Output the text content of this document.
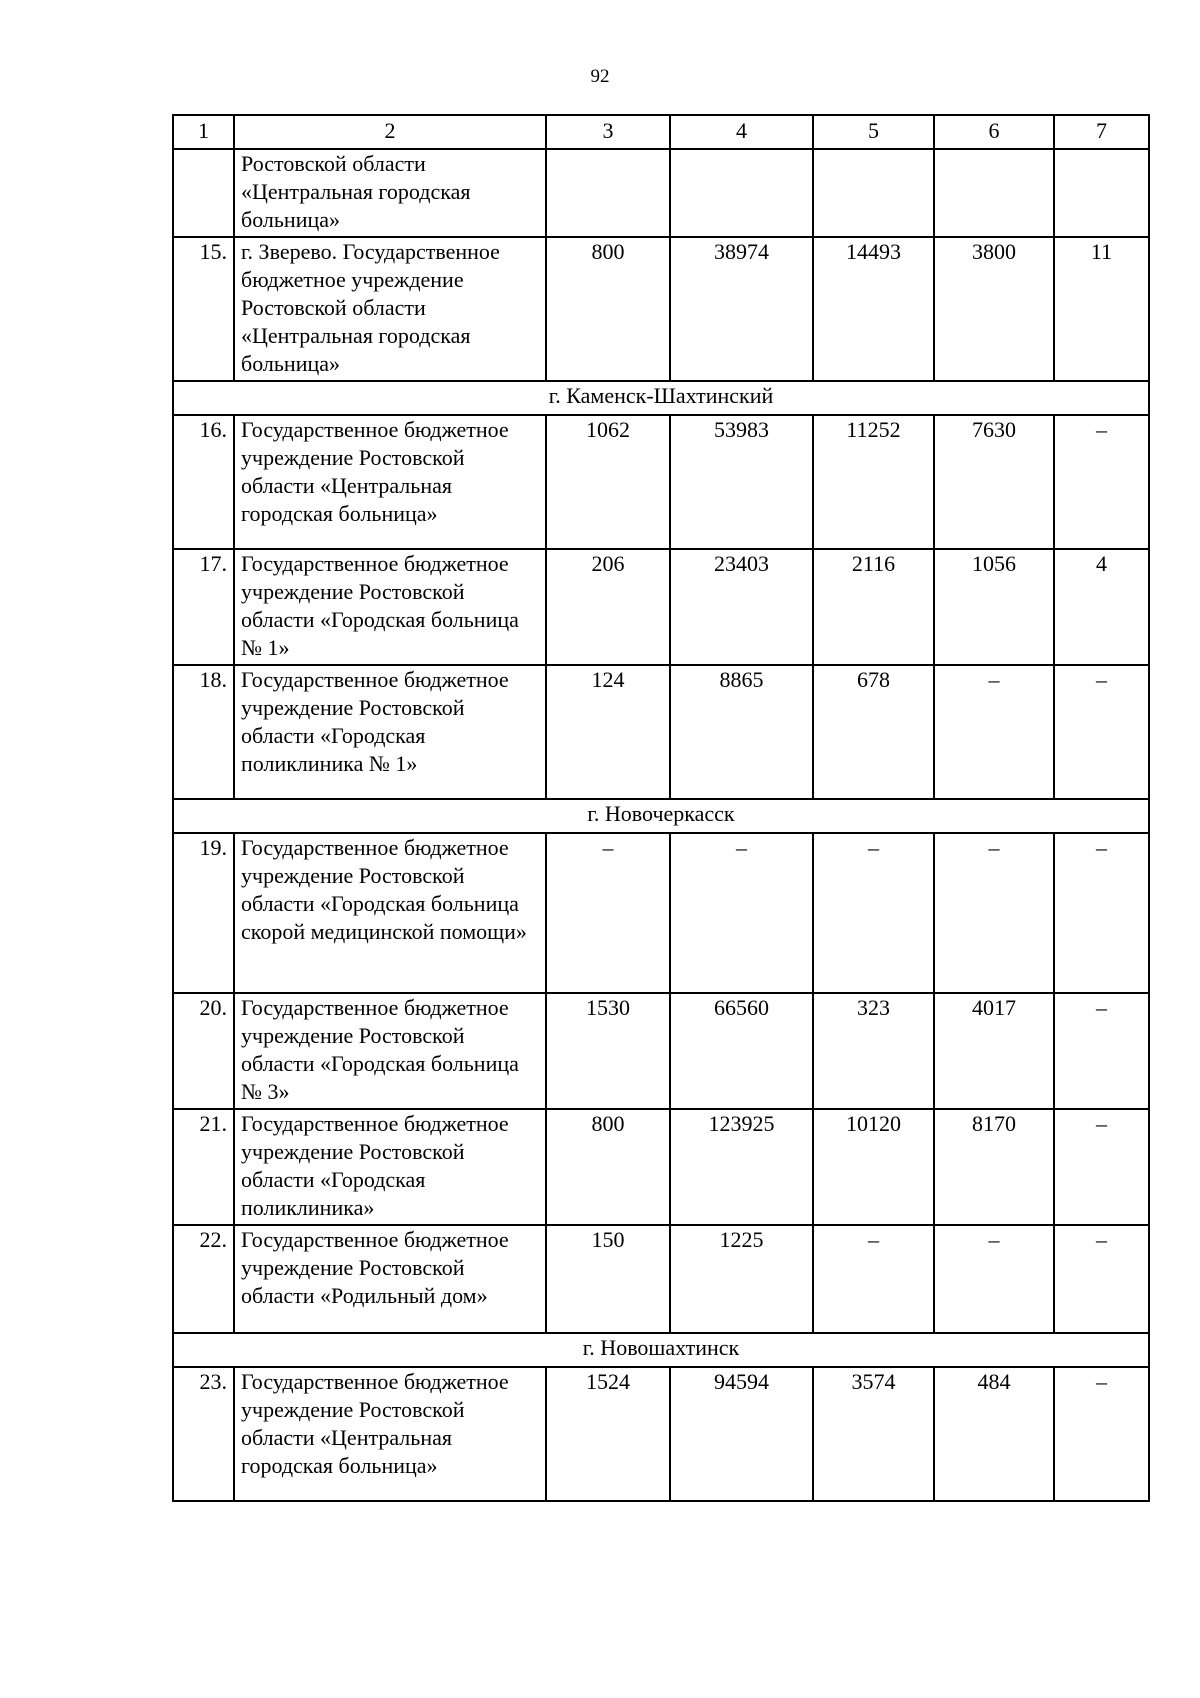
92
1	2	3	4	5	6	7
	Ростовской области «Центральная городская больница»					
15.	г. Зверево. Государственное бюджетное учреждение Ростовской области «Центральная городская больница»	800	38974	14493	3800	11
г. Каменск-Шахтинский						
16.	Государственное бюджетное учреждение Ростовской области «Центральная городская больница»	1062	53983	11252	7630	–
17.	Государственное бюджетное учреждение Ростовской области «Городская больница № 1»	206	23403	2116	1056	4
18.	Государственное бюджетное учреждение Ростовской области «Городская поликлиника № 1»	124	8865	678	–	–
г. Новочеркасск						
19.	Государственное бюджетное учреждение Ростовской области «Городская больница скорой медицинской помощи»	–	–	–	–	–
20.	Государственное бюджетное учреждение Ростовской области «Городская больница № 3»	1530	66560	323	4017	–
21.	Государственное бюджетное учреждение Ростовской области «Городская поликлиника»	800	123925	10120	8170	–
22.	Государственное бюджетное учреждение Ростовской области «Родильный дом»	150	1225	–	–	–
г. Новошахтинск						
23.	Государственное бюджетное учреждение Ростовской области «Центральная городская больница»	1524	94594	3574	484	–
